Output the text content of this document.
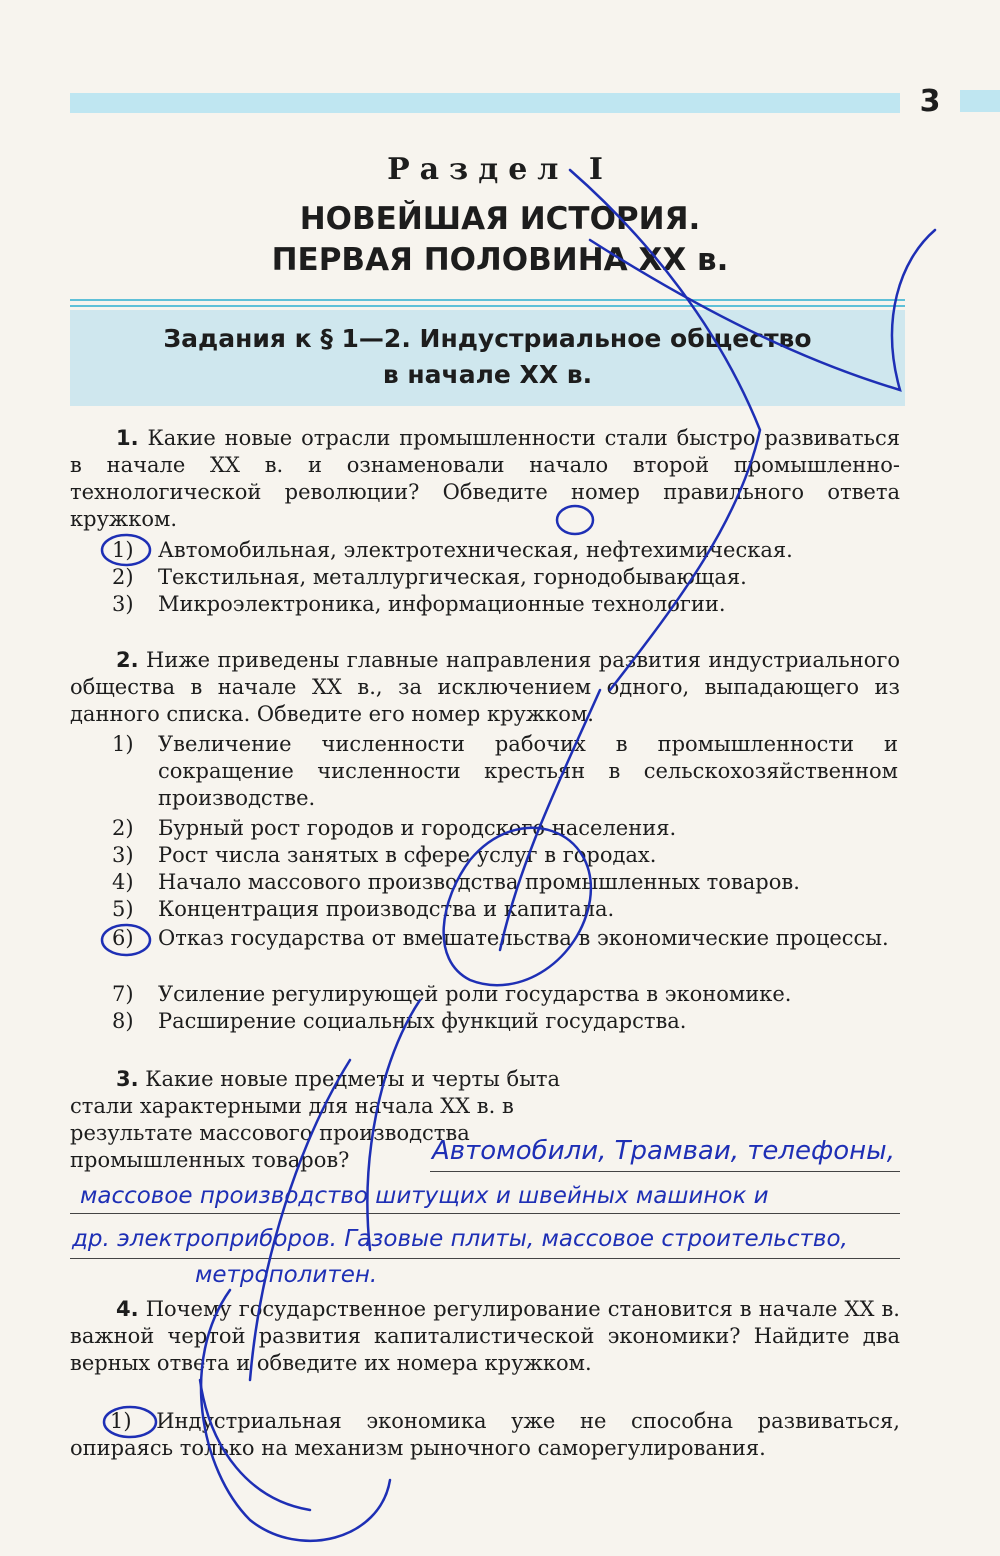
3
Раздел I
НОВЕЙШАЯ ИСТОРИЯ.
ПЕРВАЯ ПОЛОВИНА XX в.
Задания к § 1—2. Индустриальное общество
в начале XX в.
1. Какие новые отрасли промышленности стали быстро развиваться в начале XX в. и ознаменовали начало второй промышленно-технологической революции? Обведите номер правильного ответа кружком.
1)	Автомобильная, электротехническая, нефтехимическая.
2)	Текстильная, металлургическая, горнодобывающая.
3)	Микроэлектроника, информационные технологии.
2. Ниже приведены главные направления развития индустриального общества в начале XX в., за исключением одного, выпадающего из данного списка. Обведите его номер кружком.
1)	Увеличение численности рабочих в промышленности и сокращение численности крестьян в сельскохозяйственном производстве.
2)	Бурный рост городов и городского населения.
3)	Рост числа занятых в сфере услуг в городах.
4)	Начало массового производства промышленных товаров.
5)	Концентрация производства и капитала.
6)	Отказ государства от вмешательства в экономические процессы.
7)	Усиление регулирующей роли государства в экономике.
8)	Расширение социальных функций государства.
3. Какие новые предметы и черты быта стали характерными для начала XX в. в результате массового производства промышленных товаров?	Автомобили, Трамваи, телефоны,
массовое производство шитущих и швейных машинок и
др. электроприборов. Газовые плиты, массовое строительство,
метрополитен.
4. Почему государственное регулирование становится в начале XX в. важной чертой развития капиталистической экономики? Найдите два верных ответа и обведите их номера кружком.
1) Индустриальная экономика уже не способна развиваться, опираясь только на механизм рыночного саморегулирования.
